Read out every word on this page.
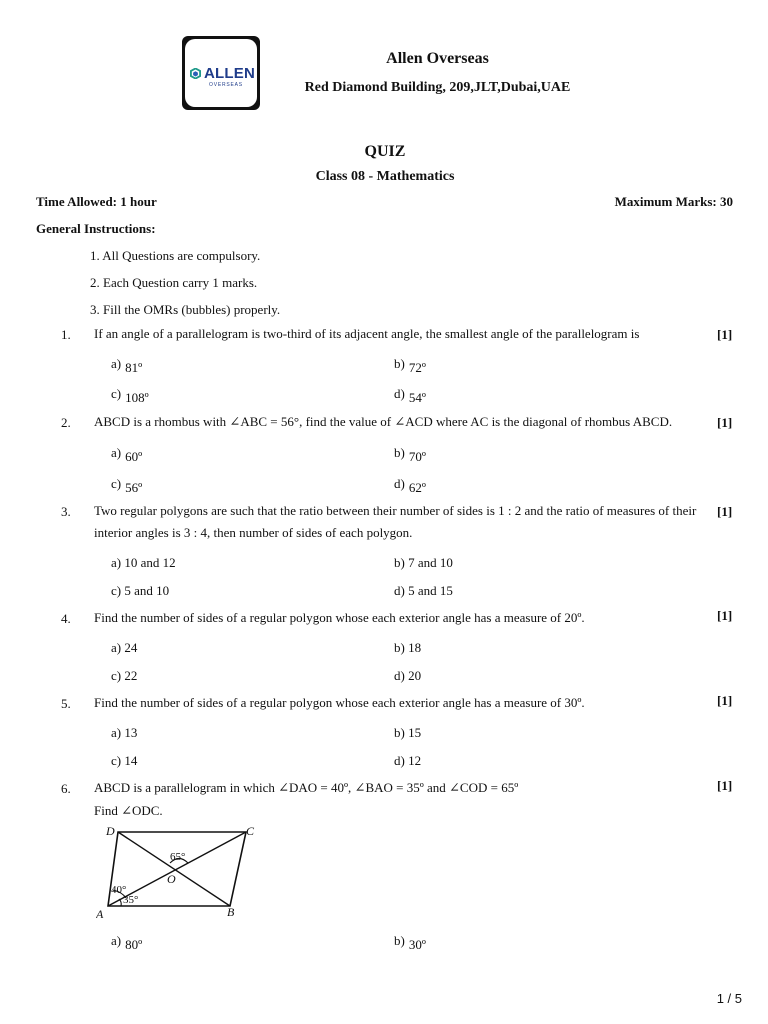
ALLEN
OVERSEAS
Allen Overseas
Red Diamond Building, 209,JLT,Dubai,UAE
QUIZ
Class 08 - Mathematics
Time Allowed: 1 hour	Maximum Marks: 30
General Instructions:
1. All Questions are compulsory.
2. Each Question carry 1 marks.
3. Fill the OMRs (bubbles) properly.
1. If an angle of a parallelogram is two-third of its adjacent angle, the smallest angle of the parallelogram is	[1]
a) 81º	b) 72º
c) 108º	d) 54º
2. ABCD is a rhombus with ∠ABC = 56°, find the value of ∠ACD where AC is the diagonal of rhombus ABCD.	[1]
a) 60º	b) 70º
c) 56º	d) 62º
3. Two regular polygons are such that the ratio between their number of sides is 1 : 2 and the ratio of measures of their interior angles is 3 : 4, then number of sides of each polygon.
[1]
a) 10 and 12	b) 7 and 10
c) 5 and 10	d) 5 and 15
4. Find the number of sides of a regular polygon whose each exterior angle has a measure of 20º.	[1]
a) 24	b) 18
c) 22	d) 20
5. Find the number of sides of a regular polygon whose each exterior angle has a measure of 30º.	[1]
a) 13	b) 15
c) 14	d) 12
6. ABCD is a parallelogram in which ∠DAO = 40º, ∠BAO = 35º and ∠COD = 65º
Find ∠ODC.
[1]
D	C
A	B
O
65°
40°
35°
a) 80º	b) 30º
1 / 5
